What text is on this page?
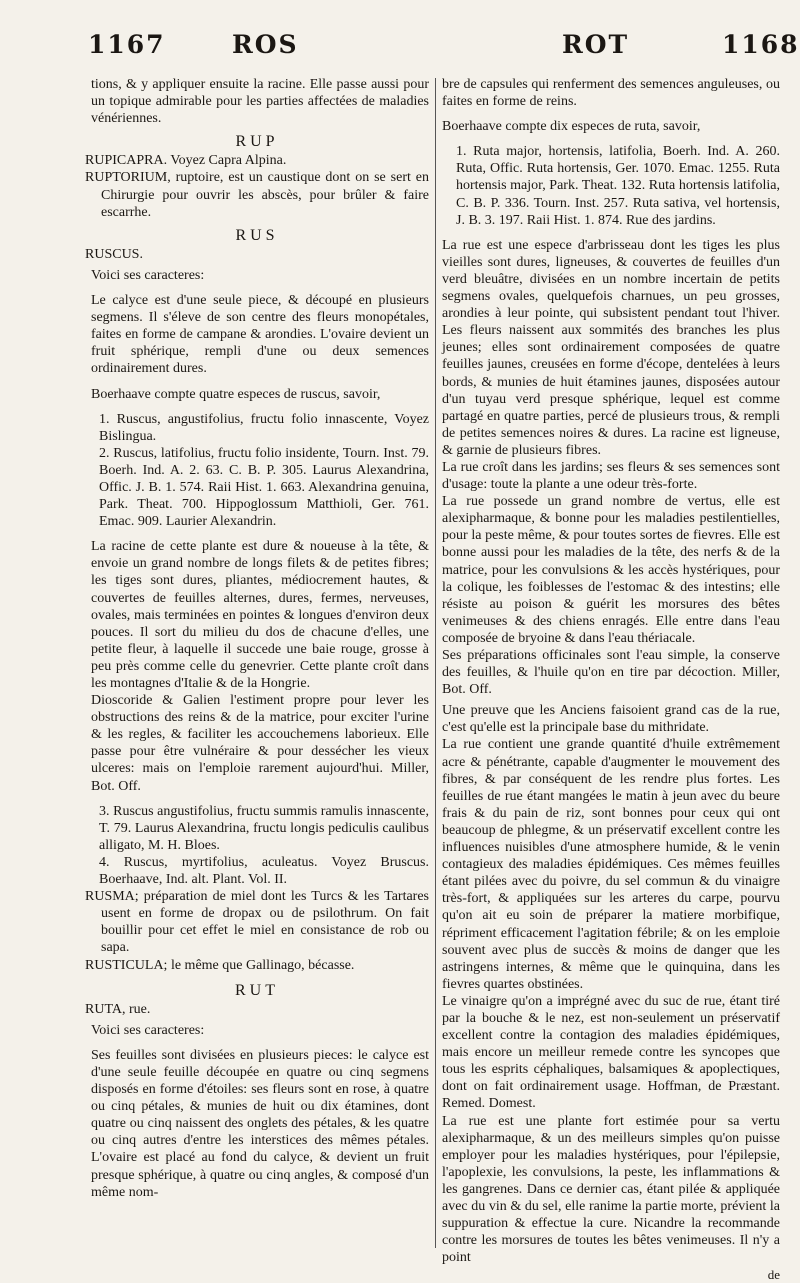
1167	ROS	ROT	1168

tions, & y appliquer ensuite la racine. Elle passe aussi pour un topique admirable pour les parties affectées de maladies vénériennes.

RUP

RUPICAPRA. Voyez Capra Alpina.

RUPTORIUM, ruptoire, est un caustique dont on se sert en Chirurgie pour ouvrir les abscès, pour brûler & faire escarrhe.

RUS

RUSCUS.

Voici ses caracteres:

Le calyce est d'une seule piece, & découpé en plusieurs segmens. Il s'éleve de son centre des fleurs monopétales, faites en forme de campane & arondies. L'ovaire devient un fruit sphérique, rempli d'une ou deux semences ordinairement dures.

Boerhaave compte quatre especes de ruscus, savoir,

1. Ruscus, angustifolius, fructu folio innascente, Voyez Bislingua.

2. Ruscus, latifolius, fructu folio insidente, Tourn. Inst. 79. Boerh. Ind. A. 2. 63. C. B. P. 305. Laurus Alexandrina, Offic. J. B. 1. 574. Raii Hist. 1. 663. Alexandrina genuina, Park. Theat. 700. Hippoglossum Matthioli, Ger. 761. Emac. 909. Laurier Alexandrin.

La racine de cette plante est dure & noueuse à la tête, & envoie un grand nombre de longs filets & de petites fibres; les tiges sont dures, pliantes, médiocrement hautes, & couvertes de feuilles alternes, dures, fermes, nerveuses, ovales, mais terminées en pointes & longues d'environ deux pouces. Il sort du milieu du dos de chacune d'elles, une petite fleur, à laquelle il succede une baie rouge, grosse à peu près comme celle du genevrier. Cette plante croît dans les montagnes d'Italie & de la Hongrie.

Dioscoride & Galien l'estiment propre pour lever les obstructions des reins & de la matrice, pour exciter l'urine & les regles, & faciliter les accouchemens laborieux. Elle passe pour être vulnéraire & pour dessécher les vieux ulceres: mais on l'emploie rarement aujourd'hui. Miller, Bot. Off.

3. Ruscus angustifolius, fructu summis ramulis innascente, T. 79. Laurus Alexandrina, fructu longis pediculis caulibus alligato, M. H. Bloes.

4. Ruscus, myrtifolius, aculeatus. Voyez Bruscus. Boerhaave, Ind. alt. Plant. Vol. II.

RUSMA; préparation de miel dont les Turcs & les Tartares usent en forme de dropax ou de psilothrum. On fait bouillir pour cet effet le miel en consistance de rob ou sapa.

RUSTICULA; le même que Gallinago, bécasse.

RUT

RUTA, rue.

Voici ses caracteres:

Ses feuilles sont divisées en plusieurs pieces: le calyce est d'une seule feuille découpée en quatre ou cinq segmens disposés en forme d'étoiles: ses fleurs sont en rose, à quatre ou cinq pétales, & munies de huit ou dix étamines, dont quatre ou cinq naissent des onglets des pétales, & les quatre ou cinq autres d'entre les interstices des mêmes pétales. L'ovaire est placé au fond du calyce, & devient un fruit presque sphérique, à quatre ou cinq angles, & composé d'un même nom-

bre de capsules qui renferment des semences anguleuses, ou faites en forme de reins.

Boerhaave compte dix especes de ruta, savoir,

1. Ruta major, hortensis, latifolia, Boerh. Ind. A. 260. Ruta, Offic. Ruta hortensis, Ger. 1070. Emac. 1255. Ruta hortensis major, Park. Theat. 132. Ruta hortensis latifolia, C. B. P. 336. Tourn. Inst. 257. Ruta sativa, vel hortensis, J. B. 3. 197. Raii Hist. 1. 874. Rue des jardins.

La rue est une espece d'arbrisseau dont les tiges les plus vieilles sont dures, ligneuses, & couvertes de feuilles d'un verd bleuâtre, divisées en un nombre incertain de petits segmens ovales, quelquefois charnues, un peu grosses, arondies à leur pointe, qui subsistent pendant tout l'hiver. Les fleurs naissent aux sommités des branches les plus jeunes; elles sont ordinairement composées de quatre feuilles jaunes, creusées en forme d'écope, dentelées à leurs bords, & munies de huit étamines jaunes, disposées autour d'un tuyau verd presque sphérique, lequel est comme partagé en quatre parties, percé de plusieurs trous, & rempli de petites semences noires & dures. La racine est ligneuse, & garnie de plusieurs fibres.

La rue croît dans les jardins; ses fleurs & ses semences sont d'usage: toute la plante a une odeur très-forte.

La rue possede un grand nombre de vertus, elle est alexipharmaque, & bonne pour les maladies pestilentielles, pour la peste même, & pour toutes sortes de fievres. Elle est bonne aussi pour les maladies de la tête, des nerfs & de la matrice, pour les convulsions & les accès hystériques, pour la colique, les foiblesses de l'estomac & des intestins; elle résiste au poison & guérit les morsures des bêtes venimeuses & des chiens enragés. Elle entre dans l'eau composée de bryoine & dans l'eau thériacale.

Ses préparations officinales sont l'eau simple, la conserve des feuilles, & l'huile qu'on en tire par décoction. Miller, Bot. Off.

Une preuve que les Anciens faisoient grand cas de la rue, c'est qu'elle est la principale base du mithridate.

La rue contient une grande quantité d'huile extrêmement acre & pénétrante, capable d'augmenter le mouvement des fibres, & par conséquent de les rendre plus fortes. Les feuilles de rue étant mangées le matin à jeun avec du beure frais & du pain de riz, sont bonnes pour ceux qui ont beaucoup de phlegme, & un préservatif excellent contre les influences nuisibles d'une atmosphere humide, & le venin contagieux des maladies épidémiques. Ces mêmes feuilles étant pilées avec du poivre, du sel commun & du vinaigre très-fort, & appliquées sur les arteres du carpe, pourvu qu'on ait eu soin de préparer la matiere morbifique, répriment efficacement l'agitation fébrile; & on les emploie souvent avec plus de succès & moins de danger que les astringens internes, & même que le quinquina, dans les fievres quartes obstinées.

Le vinaigre qu'on a imprégné avec du suc de rue, étant tiré par la bouche & le nez, est non-seulement un préservatif excellent contre la contagion des maladies épidémiques, mais encore un meilleur remede contre les syncopes que tous les esprits céphaliques, balsamiques & apoplectiques, dont on fait ordinairement usage. Hoffman, de Præstant. Remed. Domest.

La rue est une plante fort estimée pour sa vertu alexipharmaque, & un des meilleurs simples qu'on puisse employer pour les maladies hystériques, pour l'épilepsie, l'apoplexie, les convulsions, la peste, les inflammations & les gangrenes. Dans ce dernier cas, étant pilée & appliquée avec du vin & du sel, elle ranime la partie morte, prévient la suppuration & effectue la cure. Nicandre la recommande contre les morsures de toutes les bêtes venimeuses. Il n'y a point

de
